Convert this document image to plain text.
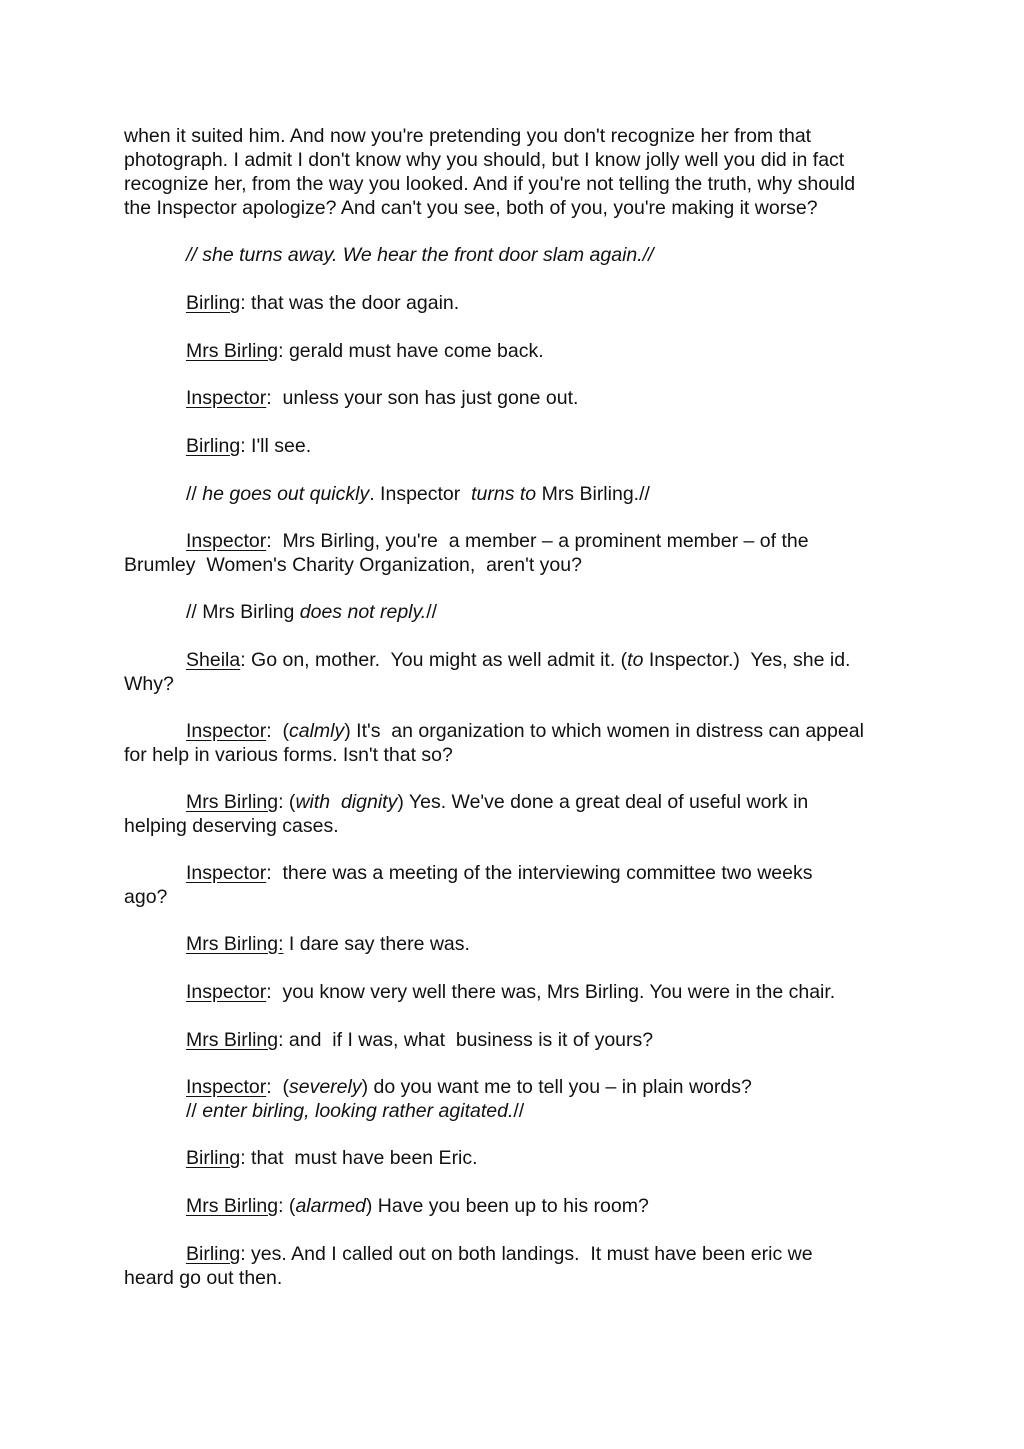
when it suited him. And now you're pretending you don't recognize her from that
photograph. I admit I don't know why you should, but I know jolly well you did in fact
recognize her, from the way you looked. And if you're not telling the truth, why should
the Inspector apologize? And can't you see, both of you, you're making it worse?
// she turns away. We hear the front door slam again.//
Birling: that was the door again.
Mrs Birling: gerald must have come back.
Inspector:  unless your son has just gone out.
Birling: I'll see.
// he goes out quickly. Inspector  turns to Mrs Birling.//
Inspector:  Mrs Birling, you're  a member – a prominent member – of the
Brumley  Women's Charity Organization,  aren't you?
// Mrs Birling does not reply.//
Sheila: Go on, mother.  You might as well admit it. (to Inspector.)  Yes, she id.
Why?
Inspector:  (calmly) It's  an organization to which women in distress can appeal
for help in various forms. Isn't that so?
Mrs Birling: (with  dignity) Yes. We've done a great deal of useful work in
helping deserving cases.
Inspector:  there was a meeting of the interviewing committee two weeks
ago?
Mrs Birling: I dare say there was.
Inspector:  you know very well there was, Mrs Birling. You were in the chair.
Mrs Birling: and  if I was, what  business is it of yours?
Inspector:  (severely) do you want me to tell you – in plain words?
// enter birling, looking rather agitated.//
Birling: that  must have been Eric.
Mrs Birling: (alarmed) Have you been up to his room?
Birling: yes. And I called out on both landings.  It must have been eric we
heard go out then.
